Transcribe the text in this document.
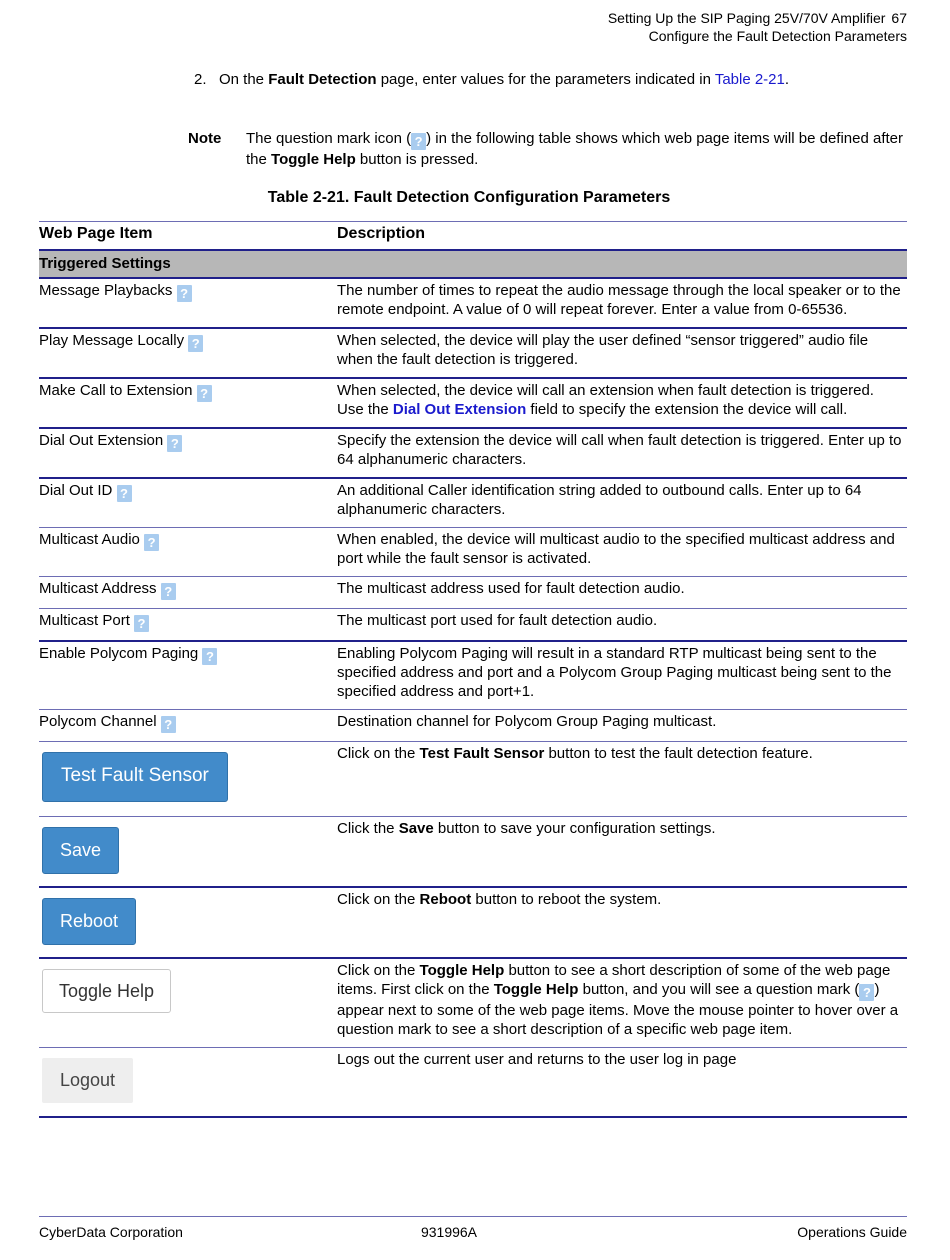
Setting Up the SIP Paging 25V/70V Amplifier 67
Configure the Fault Detection Parameters
2. On the Fault Detection page, enter values for the parameters indicated in Table 2-21.
Note The question mark icon ( ? ) in the following table shows which web page items will be defined after the Toggle Help button is pressed.
Table 2-21. Fault Detection Configuration Parameters
Web Page Item	Description
Triggered Settings	
Message Playbacks ?	The number of times to repeat the audio message through the local speaker or to the remote endpoint. A value of 0 will repeat forever. Enter a value from 0-65536.
Play Message Locally ?	When selected, the device will play the user defined “sensor triggered” audio file when the fault detection is triggered.
Make Call to Extension ?	When selected, the device will call an extension when fault detection is triggered. Use the Dial Out Extension field to specify the extension the device will call.
Dial Out Extension ?	Specify the extension the device will call when fault detection is triggered. Enter up to 64 alphanumeric characters.
Dial Out ID ?	An additional Caller identification string added to outbound calls. Enter up to 64 alphanumeric characters.
Multicast Audio ?	When enabled, the device will multicast audio to the specified multicast address and port while the fault sensor is activated.
Multicast Address ?	The multicast address used for fault detection audio.
Multicast Port ?	The multicast port used for fault detection audio.
Enable Polycom Paging ?	Enabling Polycom Paging will result in a standard RTP multicast being sent to the specified address and port and a Polycom Group Paging multicast being sent to the specified address and port+1.
Polycom Channel ?	Destination channel for Polycom Group Paging multicast.
Test Fault Sensor	Click on the Test Fault Sensor button to test the fault detection feature.
Save	Click the Save button to save your configuration settings.
Reboot	Click on the Reboot button to reboot the system.
Toggle Help	Click on the Toggle Help button to see a short description of some of the web page items. First click on the Toggle Help button, and you will see a question mark ( ? ) appear next to some of the web page items. Move the mouse pointer to hover over a question mark to see a short description of a specific web page item.
Logout	Logs out the current user and returns to the user log in page
CyberData Corporation	931996A	Operations Guide
